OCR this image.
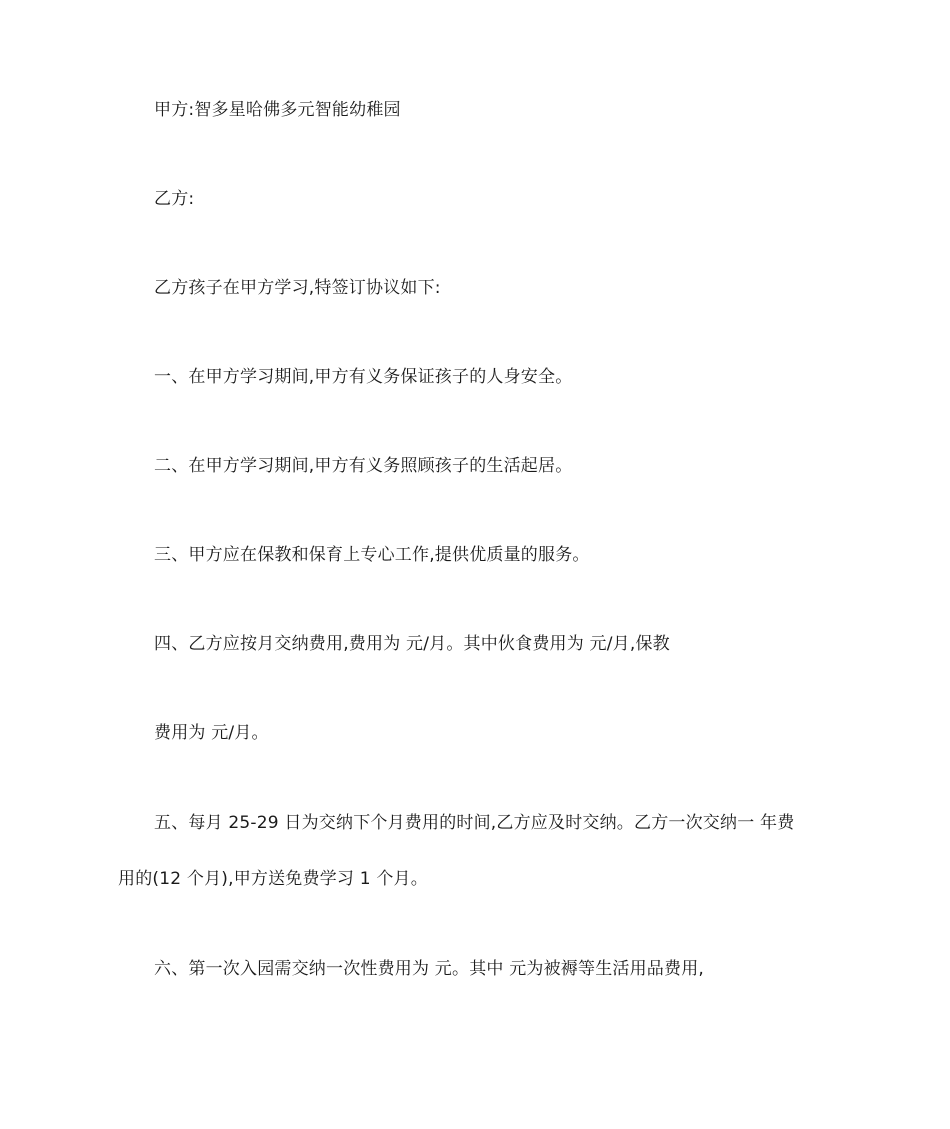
甲方:智多星哈佛多元智能幼稚园
乙方:
乙方孩子在甲方学习,特签订协议如下:
一、在甲方学习期间,甲方有义务保证孩子的人身安全。
二、在甲方学习期间,甲方有义务照顾孩子的生活起居。
三、甲方应在保教和保育上专心工作,提供优质量的服务。
四、乙方应按月交纳费用,费用为 元/月。其中伙食费用为 元/月,保教
费用为 元/月。
五、每月 25-29 日为交纳下个月费用的时间,乙方应及时交纳。乙方一次交纳一 年费
用的(12 个月),甲方送免费学习 1 个月。
六、第一次入园需交纳一次性费用为 元。其中 元为被褥等生活用品费用,
